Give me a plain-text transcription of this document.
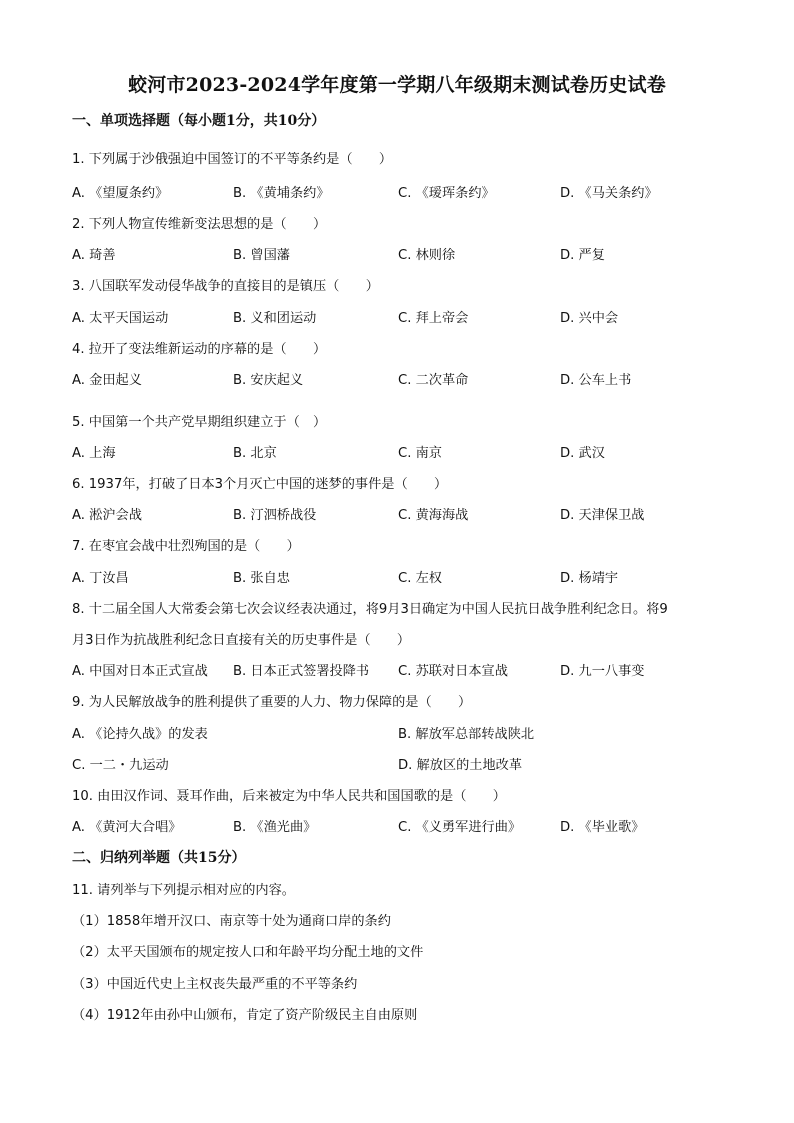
蛟河市2023-2024学年度第一学期八年级期末测试卷历史试卷
一、单项选择题（每小题1分，共10分）
1. 下列属于沙俄强迫中国签订的不平等条约是（　　）
A. 《望厦条约》	B. 《黄埔条约》	C. 《瑷珲条约》	D. 《马关条约》
2. 下列人物宣传维新变法思想的是（　　）
A. 琦善	B. 曾国藩	C. 林则徐	D. 严复
3. 八国联军发动侵华战争的直接目的是镇压（　　）
A. 太平天国运动	B. 义和团运动	C. 拜上帝会	D. 兴中会
4. 拉开了变法维新运动的序幕的是（　　）
A. 金田起义	B. 安庆起义	C. 二次革命	D. 公车上书
5. 中国第一个共产党早期组织建立于（　）
A. 上海	B. 北京	C. 南京	D. 武汉
6. 1937年，打破了日本3个月灭亡中国的迷梦的事件是（　　）
A. 淞沪会战	B. 汀泗桥战役	C. 黄海海战	D. 天津保卫战
7. 在枣宜会战中壮烈殉国的是（　　）
A. 丁汝昌	B. 张自忠	C. 左权	D. 杨靖宇
8. 十二届全国人大常委会第七次会议经表决通过，将9月3日确定为中国人民抗日战争胜利纪念日。将9
月3日作为抗战胜利纪念日直接有关的历史事件是（　　）
A. 中国对日本正式宣战 B. 日本正式签署投降书 C. 苏联对日本宣战	D. 九一八事变
9. 为人民解放战争的胜利提供了重要的人力、物力保障的是（　　）
A. 《论持久战》的发表	B. 解放军总部转战陕北
C. 一二・九运动	D. 解放区的土地改革
10. 由田汉作词、聂耳作曲，后来被定为中华人民共和国国歌的是（　　）
A. 《黄河大合唱》	B. 《渔光曲》	C. 《义勇军进行曲》	D. 《毕业歌》
二、归纳列举题（共15分）
11. 请列举与下列提示相对应的内容。
（1）1858年增开汉口、南京等十处为通商口岸的条约
（2）太平天国颁布的规定按人口和年龄平均分配土地的文件
（3）中国近代史上主权丧失最严重的不平等条约
（4）1912年由孙中山颁布，肯定了资产阶级民主自由原则
